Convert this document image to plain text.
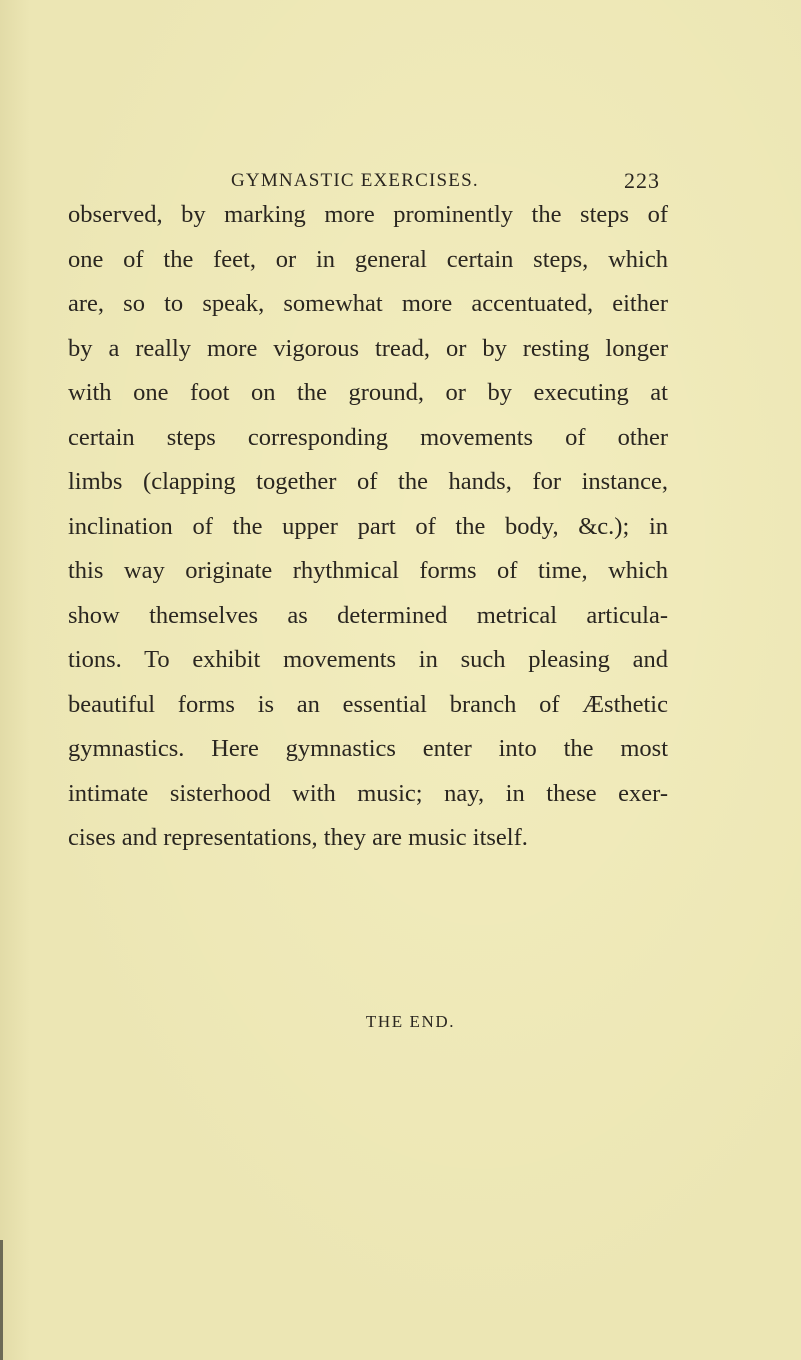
GYMNASTIC EXERCISES.	223
observed, by marking more prominently the steps of
one of the feet, or in general certain steps, which
are, so to speak, somewhat more accentuated, either
by a really more vigorous tread, or by resting longer
with one foot on the ground, or by executing at
certain steps corresponding movements of other
limbs (clapping together of the hands, for instance,
inclination of the upper part of the body, &c.); in
this way originate rhythmical forms of time, which
show themselves as determined metrical articula-
tions. To exhibit movements in such pleasing and
beautiful forms is an essential branch of Æsthetic
gymnastics. Here gymnastics enter into the most
intimate sisterhood with music; nay, in these exer-
cises and representations, they are music itself.
THE END.
